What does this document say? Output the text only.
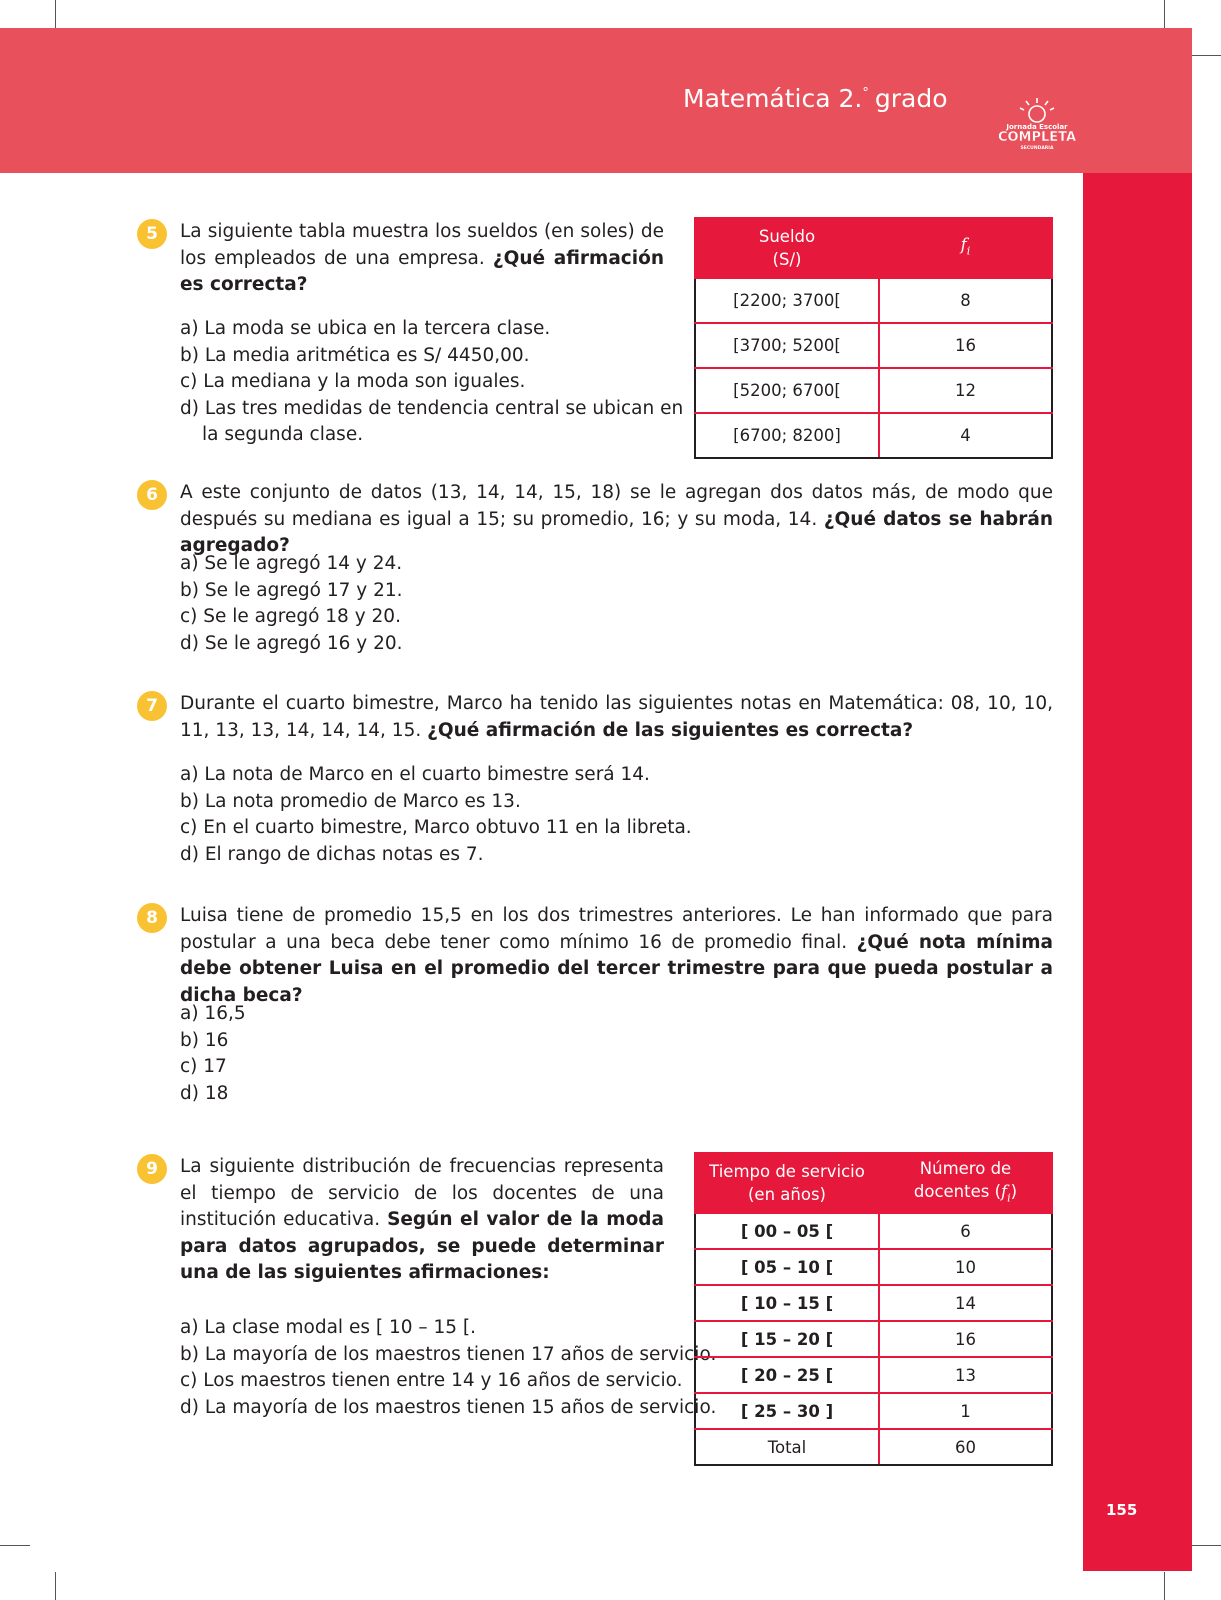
Matemática 2.° grado
Jornada Escolar
COMPLETA
SECUNDARIA
155
5	La siguiente tabla muestra los sueldos (en soles) de los empleados de una empresa. ¿Qué afirmación es correcta?
a) La moda se ubica en la tercera clase.
b) La media aritmética es S/ 4450,00.
c) La mediana y la moda son iguales.
d) Las tres medidas de tendencia central se ubican en
la segunda clase.
Sueldo
(S/)	$f_i$
[2200; 3700[	8
[3700; 5200[	16
[5200; 6700[	12
[6700; 8200]	4
6	A este conjunto de datos (13, 14, 14, 15, 18) se le agregan dos datos más, de modo que después su mediana es igual a 15; su promedio, 16; y su moda, 14. ¿Qué datos se habrán agregado?
a) Se le agregó 14 y 24.
b) Se le agregó 17 y 21.
c) Se le agregó 18 y 20.
d) Se le agregó 16 y 20.
7	Durante el cuarto bimestre, Marco ha tenido las siguientes notas en Matemática: 08, 10, 10, 11, 13, 13, 14, 14, 14, 15. ¿Qué afirmación de las siguientes es correcta?
a) La nota de Marco en el cuarto bimestre será 14.
b) La nota promedio de Marco es 13.
c) En el cuarto bimestre, Marco obtuvo 11 en la libreta.
d) El rango de dichas notas es 7.
8	Luisa tiene de promedio 15,5 en los dos trimestres anteriores. Le han informado que para postular a una beca debe tener como mínimo 16 de promedio final. ¿Qué nota mínima debe obtener Luisa en el promedio del tercer trimestre para que pueda postular a dicha beca?
a) 16,5
b) 16
c) 17
d) 18
9	La siguiente distribución de frecuencias representa el tiempo de servicio de los docentes de una institución educativa. Según el valor de la moda para datos agrupados, se puede determinar una de las siguientes afirmaciones:
a) La clase modal es [ 10 – 15 [.
b) La mayoría de los maestros tienen 17 años de servicio.
c) Los maestros tienen entre 14 y 16 años de servicio.
d) La mayoría de los maestros tienen 15 años de servicio.
Tiempo de servicio
(en años)	Número de
docentes $(f_i)$
[ 00 – 05 [	6
[ 05 – 10 [	10
[ 10 – 15 [	14
[ 15 – 20 [	16
[ 20 – 25 [	13
[ 25 – 30 ]	1
Total	60
